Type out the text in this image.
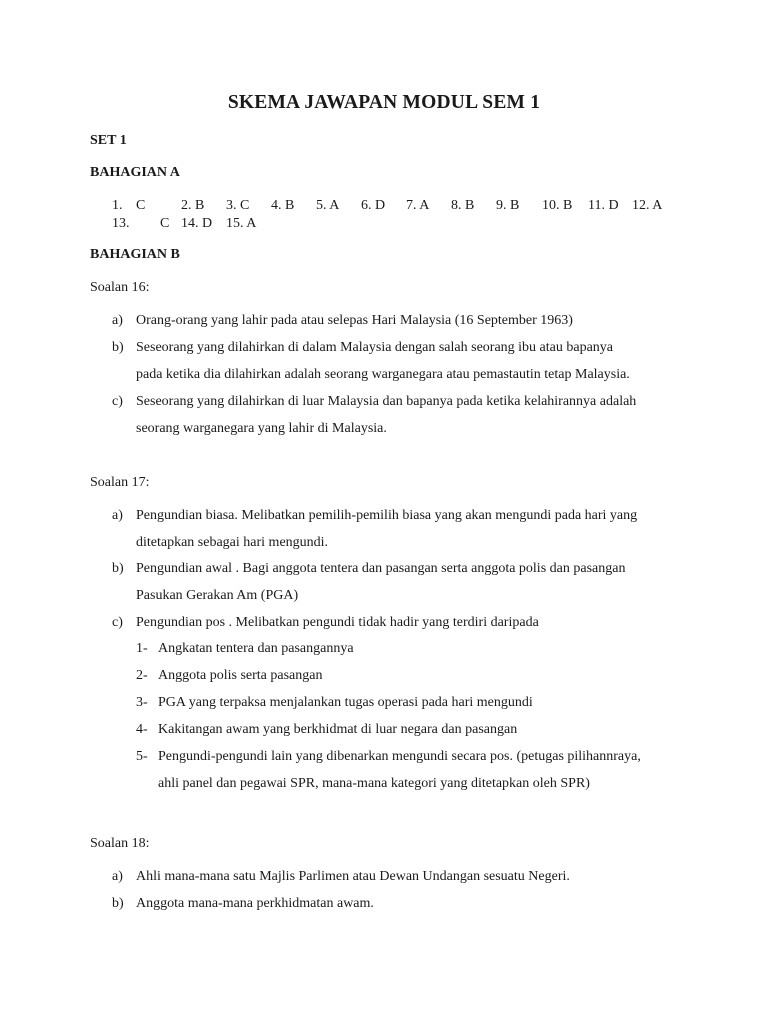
SKEMA JAWAPAN MODUL SEM 1
SET 1
BAHAGIAN A
1. C	2. B 3. C 4. B 5. A 6. D 7. A 8. B 9. B 10. B 11. D 12. A
13. C 14. D 15. A
BAHAGIAN B
Soalan 16:
a) Orang-orang yang lahir pada atau selepas Hari Malaysia (16 September 1963)
b) Seseorang yang dilahirkan di dalam Malaysia dengan salah seorang ibu atau bapanya
pada ketika dia dilahirkan adalah seorang warganegara atau pemastautin tetap Malaysia.
c) Seseorang yang dilahirkan di luar Malaysia dan bapanya pada ketika kelahirannya adalah
seorang warganegara yang lahir di Malaysia.
Soalan 17:
a) Pengundian biasa. Melibatkan pemilih-pemilih biasa yang akan mengundi pada hari yang
ditetapkan sebagai hari mengundi.
b) Pengundian awal . Bagi anggota tentera dan pasangan serta anggota polis dan pasangan
Pasukan Gerakan Am (PGA)
c) Pengundian pos . Melibatkan pengundi tidak hadir yang terdiri daripada
1- Angkatan tentera dan pasangannya
2- Anggota polis serta pasangan
3- PGA yang terpaksa menjalankan tugas operasi pada hari mengundi
4- Kakitangan awam yang berkhidmat di luar negara dan pasangan
5- Pengundi-pengundi lain yang dibenarkan mengundi secara pos. (petugas pilihannraya,
ahli panel dan pegawai SPR, mana-mana kategori yang ditetapkan oleh SPR)
Soalan 18:
a) Ahli mana-mana satu Majlis Parlimen atau Dewan Undangan sesuatu Negeri.
b) Anggota mana-mana perkhidmatan awam.
